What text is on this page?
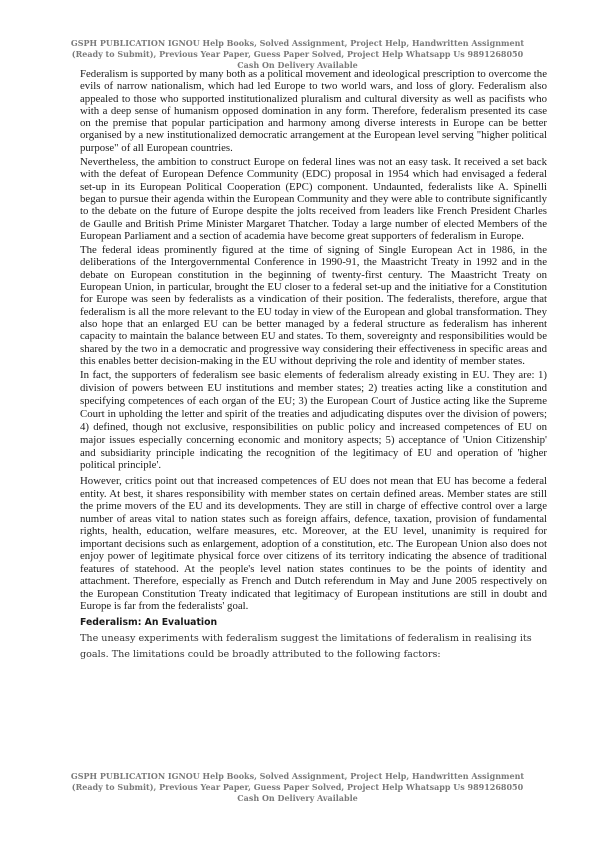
GSPH PUBLICATION IGNOU Help Books, Solved Assignment, Project Help, Handwritten Assignment (Ready to Submit), Previous Year Paper, Guess Paper Solved, Project Help Whatsapp Us 9891268050 Cash On Delivery Available

Federalism is supported by many both as a political movement and ideological prescription to overcome the evils of narrow nationalism, which had led Europe to two world wars, and loss of glory. Federalism also appealed to those who supported institutionalized pluralism and cultural diversity as well as pacifists who with a deep sense of humanism opposed domination in any form. Therefore, federalism presented its case on the premise that popular participation and harmony among diverse interests in Europe can be better organised by a new institutionalized democratic arrangement at the European level serving "higher political purpose" of all European countries.

Nevertheless, the ambition to construct Europe on federal lines was not an easy task. It received a set back with the defeat of European Defence Community (EDC) proposal in 1954 which had envisaged a federal set-up in its European Political Cooperation (EPC) component. Undaunted, federalists like A. Spinelli began to pursue their agenda within the European Community and they were able to contribute significantly to the debate on the future of Europe despite the jolts received from leaders like French President Charles de Gaulle and British Prime Minister Margaret Thatcher. Today a large number of elected Members of the European Parliament and a section of academia have become great supporters of federalism in Europe.

The federal ideas prominently figured at the time of signing of Single European Act in 1986, in the deliberations of the Intergovernmental Conference in 1990-91, the Maastricht Treaty in 1992 and in the debate on European constitution in the beginning of twenty-first century. The Maastricht Treaty on European Union, in particular, brought the EU closer to a federal set-up and the initiative for a Constitution for Europe was seen by federalists as a vindication of their position. The federalists, therefore, argue that federalism is all the more relevant to the EU today in view of the European and global transformation. They also hope that an enlarged EU can be better managed by a federal structure as federalism has inherent capacity to maintain the balance between EU and states. To them, sovereignty and responsibilities would be shared by the two in a democratic and progressive way considering their effectiveness in specific areas and this enables better decision-making in the EU without depriving the role and identity of member states.

In fact, the supporters of federalism see basic elements of federalism already existing in EU. They are: 1) division of powers between EU institutions and member states; 2) treaties acting like a constitution and specifying competences of each organ of the EU; 3) the European Court of Justice acting like the Supreme Court in upholding the letter and spirit of the treaties and adjudicating disputes over the division of powers; 4) defined, though not exclusive, responsibilities on public policy and increased competences of EU on major issues especially concerning economic and monitory aspects; 5) acceptance of 'Union Citizenship' and subsidiarity principle indicating the recognition of the legitimacy of EU and operation of 'higher political principle'.

However, critics point out that increased competences of EU does not mean that EU has become a federal entity. At best, it shares responsibility with member states on certain defined areas. Member states are still the prime movers of the EU and its developments. They are still in charge of effective control over a large number of areas vital to nation states such as foreign affairs, defence, taxation, provision of fundamental rights, health, education, welfare measures, etc. Moreover, at the EU level, unanimity is required for important decisions such as enlargement, adoption of a constitution, etc. The European Union also does not enjoy power of legitimate physical force over citizens of its territory indicating the absence of traditional features of statehood. At the people's level nation states continues to be the points of identity and attachment. Therefore, especially as French and Dutch referendum in May and June 2005 respectively on the European Constitution Treaty indicated that legitimacy of European institutions are still in doubt and Europe is far from the federalists' goal.

Federalism: An Evaluation

The uneasy experiments with federalism suggest the limitations of federalism in realising its goals. The limitations could be broadly attributed to the following factors:

GSPH PUBLICATION IGNOU Help Books, Solved Assignment, Project Help, Handwritten Assignment (Ready to Submit), Previous Year Paper, Guess Paper Solved, Project Help Whatsapp Us 9891268050 Cash On Delivery Available
